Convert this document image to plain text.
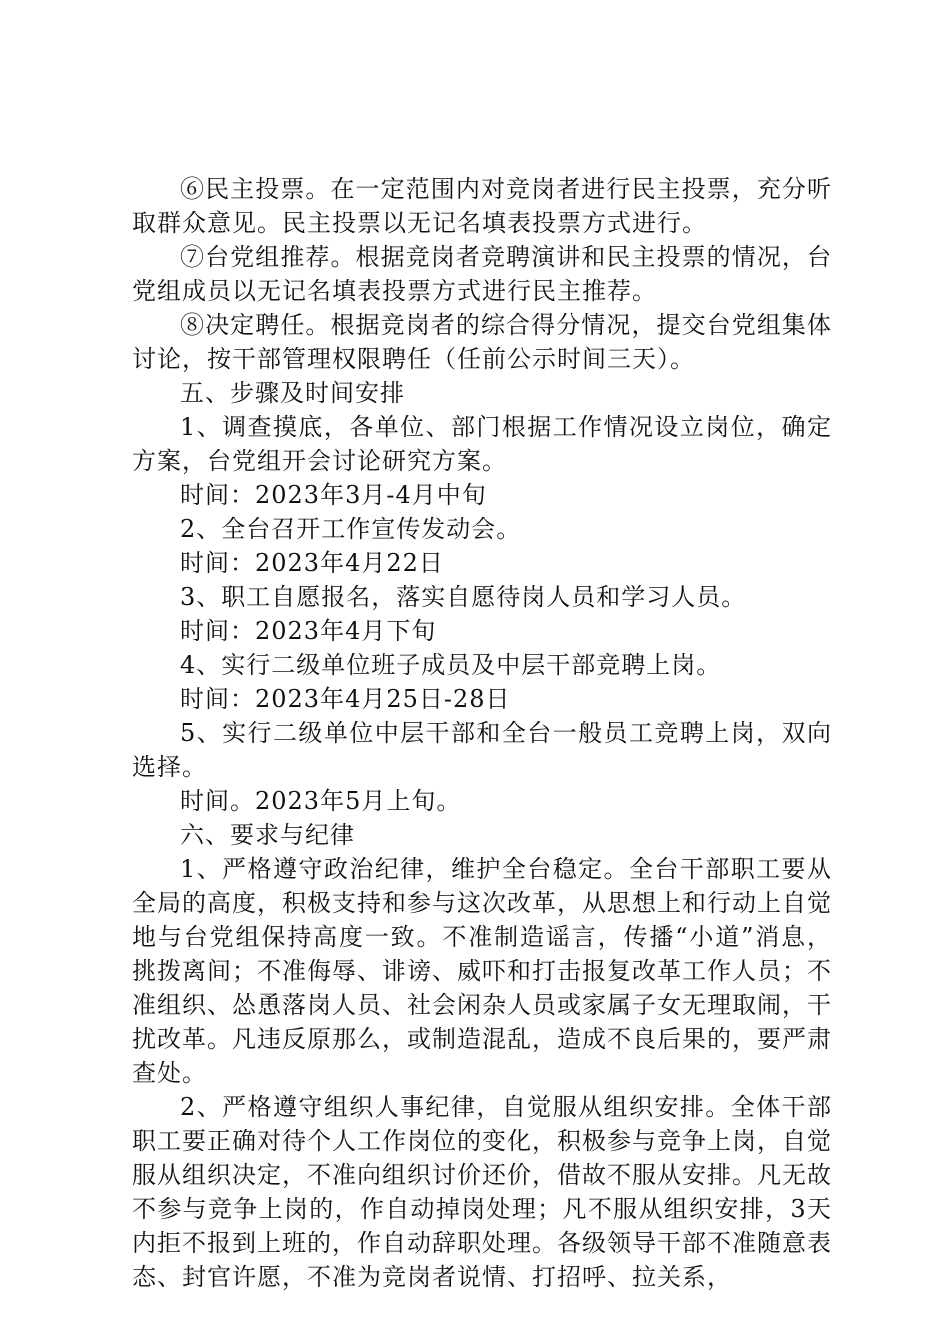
⑥民主投票。在一定范围内对竞岗者进行民主投票，充分听取群众意见。民主投票以无记名填表投票方式进行。

⑦台党组推荐。根据竞岗者竞聘演讲和民主投票的情况，台党组成员以无记名填表投票方式进行民主推荐。

⑧决定聘任。根据竞岗者的综合得分情况，提交台党组集体讨论，按干部管理权限聘任（任前公示时间三天）。

五、步骤及时间安排

1、调查摸底，各单位、部门根据工作情况设立岗位，确定方案，台党组开会讨论研究方案。

时间：2023年3月-4月中旬

2、全台召开工作宣传发动会。

时间：2023年4月22日

3、职工自愿报名，落实自愿待岗人员和学习人员。

时间：2023年4月下旬

4、实行二级单位班子成员及中层干部竞聘上岗。

时间：2023年4月25日-28日

5、实行二级单位中层干部和全台一般员工竞聘上岗，双向选择。

时间。2023年5月上旬。

六、要求与纪律

1、严格遵守政治纪律，维护全台稳定。全台干部职工要从全局的高度，积极支持和参与这次改革，从思想上和行动上自觉地与台党组保持高度一致。不准制造谣言，传播“小道”消息，挑拨离间；不准侮辱、诽谤、威吓和打击报复改革工作人员；不准组织、怂恿落岗人员、社会闲杂人员或家属子女无理取闹，干扰改革。凡违反原那么，或制造混乱，造成不良后果的，要严肃查处。

2、严格遵守组织人事纪律，自觉服从组织安排。全体干部职工要正确对待个人工作岗位的变化，积极参与竞争上岗，自觉服从组织决定，不准向组织讨价还价，借故不服从安排。凡无故不参与竞争上岗的，作自动掉岗处理；凡不服从组织安排，3天内拒不报到上班的，作自动辞职处理。各级领导干部不准随意表态、封官许愿，不准为竞岗者说情、打招呼、拉关系，
